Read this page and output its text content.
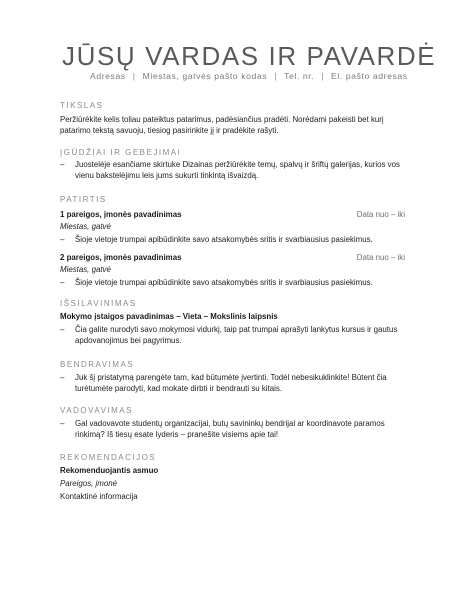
JŪSŲ VARDAS IR PAVARDĖ
Adresas | Miestas, gatvės pašto kodas | Tel. nr. | El. pašto adresas
TIKSLAS
Peržiūrėkite kelis toliau pateiktus patarimus, padėsiančius pradėti. Norėdami pakeisti bet kurį patarimo tekstą savuoju, tiesiog pasirinkite jį ir pradėkite rašyti.
ĮGŪDŽIAI IR GEBĖJIMAI
– Juostelėje esančiame skirtuke Dizainas peržiūrėkite temų, spalvų ir šriftų galerijas, kurios vos vienu bakstelėjimu leis jums sukurti tinkintą išvaizdą.
PATIRTIS
1 pareigos, įmonės pavadinimas	Data nuo – iki
Miestas, gatvė
– Šioje vietoje trumpai apibūdinkite savo atsakomybės sritis ir svarbiausius pasiekimus.
2 pareigos, įmonės pavadinimas	Data nuo – iki
Miestas, gatvė
– Šioje vietoje trumpai apibūdinkite savo atsakomybės sritis ir svarbiausius pasiekimus.
IŠSILAVINIMAS
Mokymo įstaigos pavadinimas – Vieta – Mokslinis laipsnis
– Čia galite nurodyti savo mokymosi vidurkį, taip pat trumpai aprašyti lankytus kursus ir gautus apdovanojimus bei pagyrimus.
BENDRAVIMAS
– Juk šį pristatymą parengėte tam, kad būtumėte įvertinti. Todėl nebesikuklinkite! Būtent čia turėtumėte parodyti, kad mokate dirbti ir bendrauti su kitais.
VADOVAVIMAS
– Gal vadovavote studentų organizacijai, butų savininkų bendrijai ar koordinavote paramos rinkimą? Iš tiesų esate lyderis – pranešite visiems apie tai!
REKOMENDACIJOS
Rekomenduojantis asmuo
Pareigos, įmonė
Kontaktinė informacija
